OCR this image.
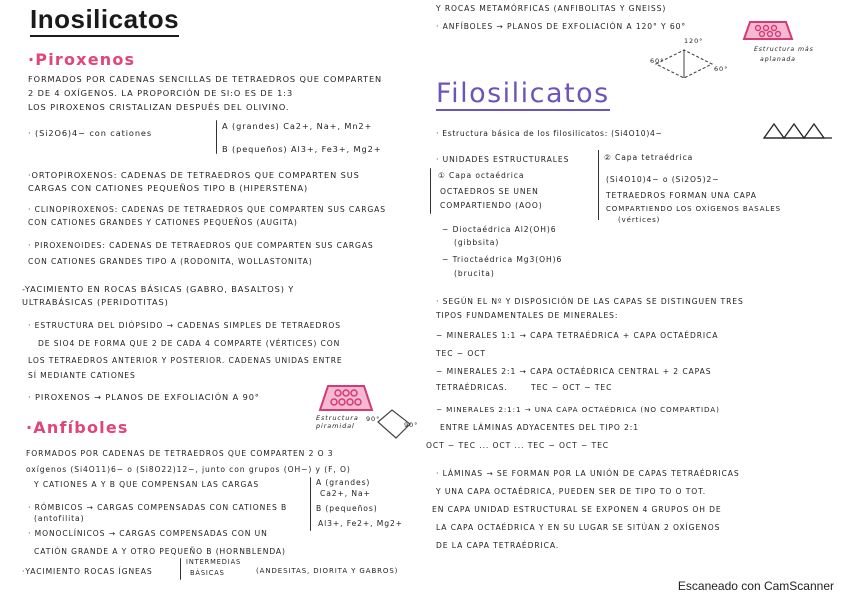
Inosilicatos
·Piroxenos
FORMADOS POR CADENAS SENCILLAS DE TETRAEDROS QUE COMPARTEN
2 DE 4 OXÍGENOS. LA PROPORCIÓN DE SI:O ES DE 1:3
LOS PIROXENOS CRISTALIZAN DESPUÉS DEL OLIVINO.
· (Si2O6)4− con cationes
A (grandes) Ca2+, Na+, Mn2+
B (pequeños) Al3+, Fe3+, Mg2+
·ORTOPIROXENOS: CADENAS DE TETRAEDROS QUE COMPARTEN SUS
CARGAS CON CATIONES PEQUEÑOS TIPO B (HIPERSTENA)
· CLINOPIROXENOS: CADENAS DE TETRAEDROS QUE COMPARTEN SUS CARGAS
CON CATIONES GRANDES Y CATIONES PEQUEÑOS (AUGITA)
· PIROXENOIDES: CADENAS DE TETRAEDROS QUE COMPARTEN SUS CARGAS
CON CATIONES GRANDES TIPO A (RODONITA, WOLLASTONITA)
-YACIMIENTO EN ROCAS BÁSICAS (GABRO, BASALTOS) Y
ULTRABÁSICAS (PERIDOTITAS)
· ESTRUCTURA DEL DIÓPSIDO → CADENAS SIMPLES DE TETRAEDROS
DE SIO4 DE FORMA QUE 2 DE CADA 4 COMPARTE (VÉRTICES) CON
LOS TETRAEDROS ANTERIOR Y POSTERIOR. CADENAS UNIDAS ENTRE
SÍ MEDIANTE CATIONES
· PIROXENOS → PLANOS DE EXFOLIACIÓN A 90°
Estructura piramidal
90°
90°
·Anfíboles
FORMADOS POR CADENAS DE TETRAEDROS QUE COMPARTEN 2 O 3
oxígenos (Si4O11)6− o (Si8O22)12−, junto con grupos (OH−) y (F, O)
Y CATIONES A Y B QUE COMPENSAN LAS CARGAS	A (grandes)
Ca2+, Na+
B (pequeños)
Al3+, Fe2+, Mg2+
· RÓMBICOS → CARGAS COMPENSADAS CON CATIONES B
(antofilita)
· MONOCLÍNICOS → CARGAS COMPENSADAS CON UN
CATIÓN GRANDE A Y OTRO PEQUEÑO B (HORNBLENDA)
·YACIMIENTO ROCAS ÍGNEAS
INTERMEDIAS
BÁSICAS	(ANDESITAS, DIORITA Y GABROS)
Y ROCAS METAMÓRFICAS (ANFIBOLITAS Y GNEISS)
· ANFÍBOLES → PLANOS DE EXFOLIACIÓN A 120° Y 60°
120°
60°
60°
Estructura más
aplanada
Filosilicatos
· Estructura básica de los filosilicatos: (Si4O10)4−
· UNIDADES ESTRUCTURALES
① Capa octaédrica
OCTAEDROS SE UNEN
COMPARTIENDO (AOO)
② Capa tetraédrica
(Si4O10)4− o (Si2O5)2−
TETRAEDROS FORMAN UNA CAPA
COMPARTIENDO LOS OXÍGENOS BASALES
(vértices)
− Dioctaédrica Al2(OH)6
(gibbsita)
− Trioctaédrica Mg3(OH)6
(brucita)
· SEGÚN EL Nº Y DISPOSICIÓN DE LAS CAPAS SE DISTINGUEN TRES
TIPOS FUNDAMENTALES DE MINERALES:
− MINERALES 1:1 → CAPA TETRAÉDRICA + CAPA OCTAÉDRICA
TEC − OCT
− MINERALES 2:1 → CAPA OCTAÉDRICA CENTRAL + 2 CAPAS
TETRAÉDRICAS.       TEC − OCT − TEC
− MINERALES 2:1:1 → UNA CAPA OCTAÉDRICA (NO COMPARTIDA)
ENTRE LÁMINAS ADYACENTES DEL TIPO 2:1
OCT − TEC ... OCT ... TEC − OCT − TEC
· LÁMINAS → SE FORMAN POR LA UNIÓN DE CAPAS TETRAÉDRICAS
Y UNA CAPA OCTAÉDRICA, PUEDEN SER DE TIPO TO O TOT.
EN CAPA UNIDAD ESTRUCTURAL SE EXPONEN 4 GRUPOS OH DE
LA CAPA OCTAÉDRICA Y EN SU LUGAR SE SITÚAN 2 OXÍGENOS
DE LA CAPA TETRAÉDRICA.
Escaneado con CamScanner
